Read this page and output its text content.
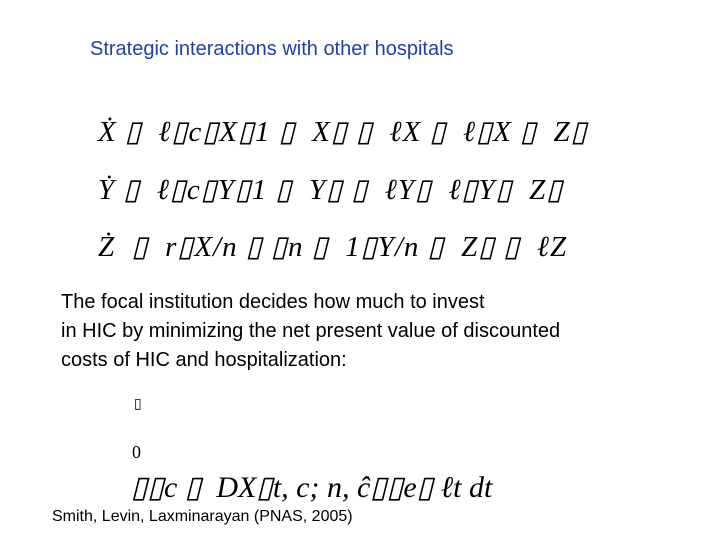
Strategic interactions with other hospitals
Ẋ ▯  ℓ▯c▯X▯1 ▯  X▯ ▯  ℓX ▯  ℓ▯X ▯  Z▯
Ẏ ▯  ℓ▯c▯Y▯1 ▯  Y▯ ▯  ℓY▯  ℓ▯Y▯  Z▯
Ż  ▯  r▯X/n ▯ ▯n ▯  1▯Y/n ▯  Z▯ ▯  ℓZ
The focal institution decides how much to invest
in HIC by minimizing the net present value of discounted
costs of HIC and hospitalization:

▯

▯▯c ▯  DX▯t, c; n, ĉ▯▯e▯ ℓt dt

0

Smith, Levin, Laxminarayan (PNAS, 2005)
